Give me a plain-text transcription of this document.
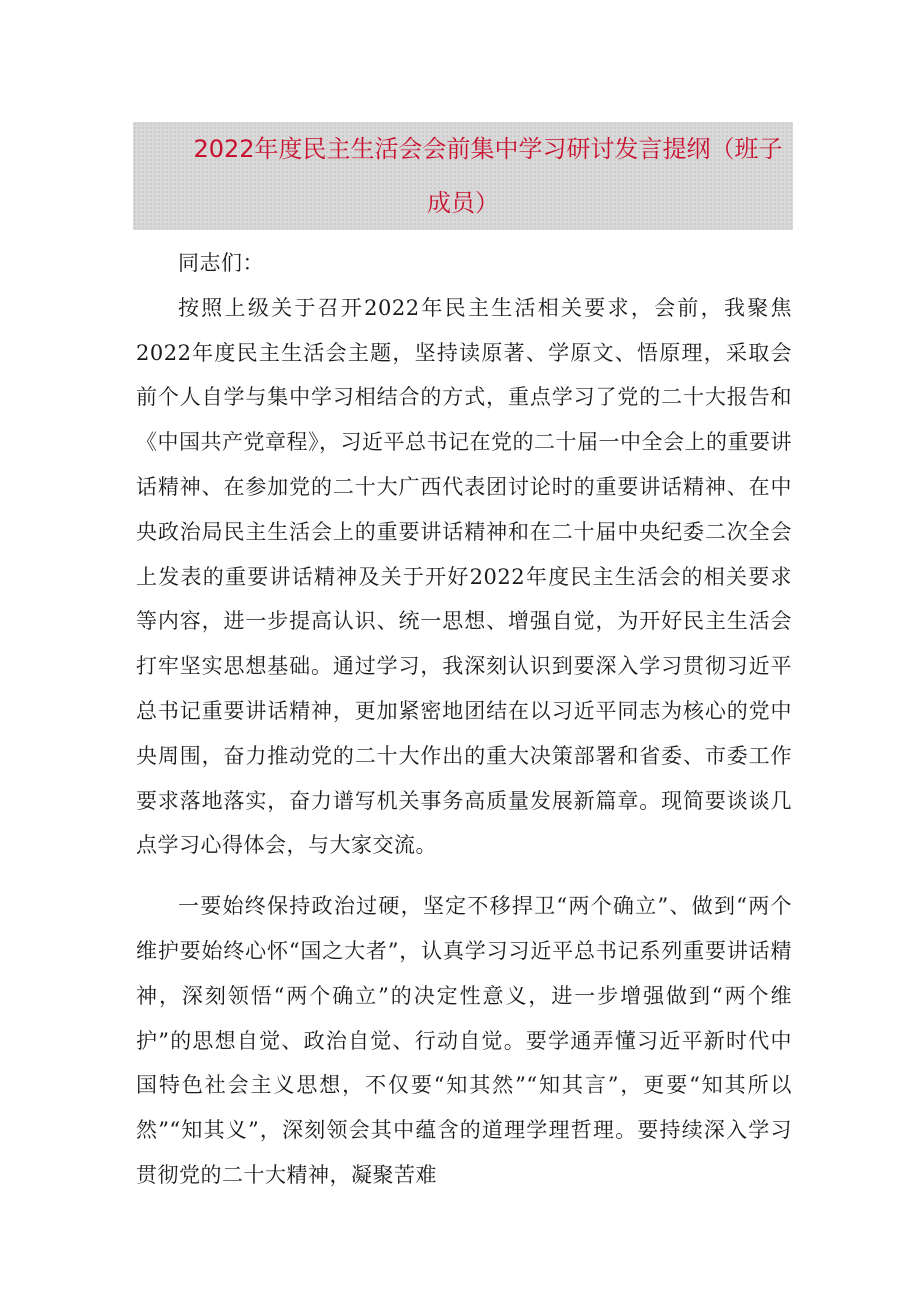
2022年度民主生活会会前集中学习研讨发言提纲（班子成员）

同志们：

按照上级关于召开2022年民主生活相关要求，会前，我聚焦2022年度民主生活会主题，坚持读原著、学原文、悟原理，采取会前个人自学与集中学习相结合的方式，重点学习了党的二十大报告和《中国共产党章程》，习近平总书记在党的二十届一中全会上的重要讲话精神、在参加党的二十大广西代表团讨论时的重要讲话精神、在中央政治局民主生活会上的重要讲话精神和在二十届中央纪委二次全会上发表的重要讲话精神及关于开好2022年度民主生活会的相关要求等内容，进一步提高认识、统一思想、增强自觉，为开好民主生活会打牢坚实思想基础。通过学习，我深刻认识到要深入学习贯彻习近平总书记重要讲话精神，更加紧密地团结在以习近平同志为核心的党中央周围，奋力推动党的二十大作出的重大决策部署和省委、市委工作要求落地落实，奋力谱写机关事务高质量发展新篇章。现简要谈谈几点学习心得体会，与大家交流。

一要始终保持政治过硬，坚定不移捍卫“两个确立”、做到“两个维护要始终心怀“国之大者”，认真学习习近平总书记系列重要讲话精神，深刻领悟“两个确立”的决定性意义，进一步增强做到“两个维护”的思想自觉、政治自觉、行动自觉。要学通弄懂习近平新时代中国特色社会主义思想，不仅要“知其然”“知其言”，更要“知其所以然”“知其义”，深刻领会其中蕴含的道理学理哲理。要持续深入学习贯彻党的二十大精神，凝聚苦难
